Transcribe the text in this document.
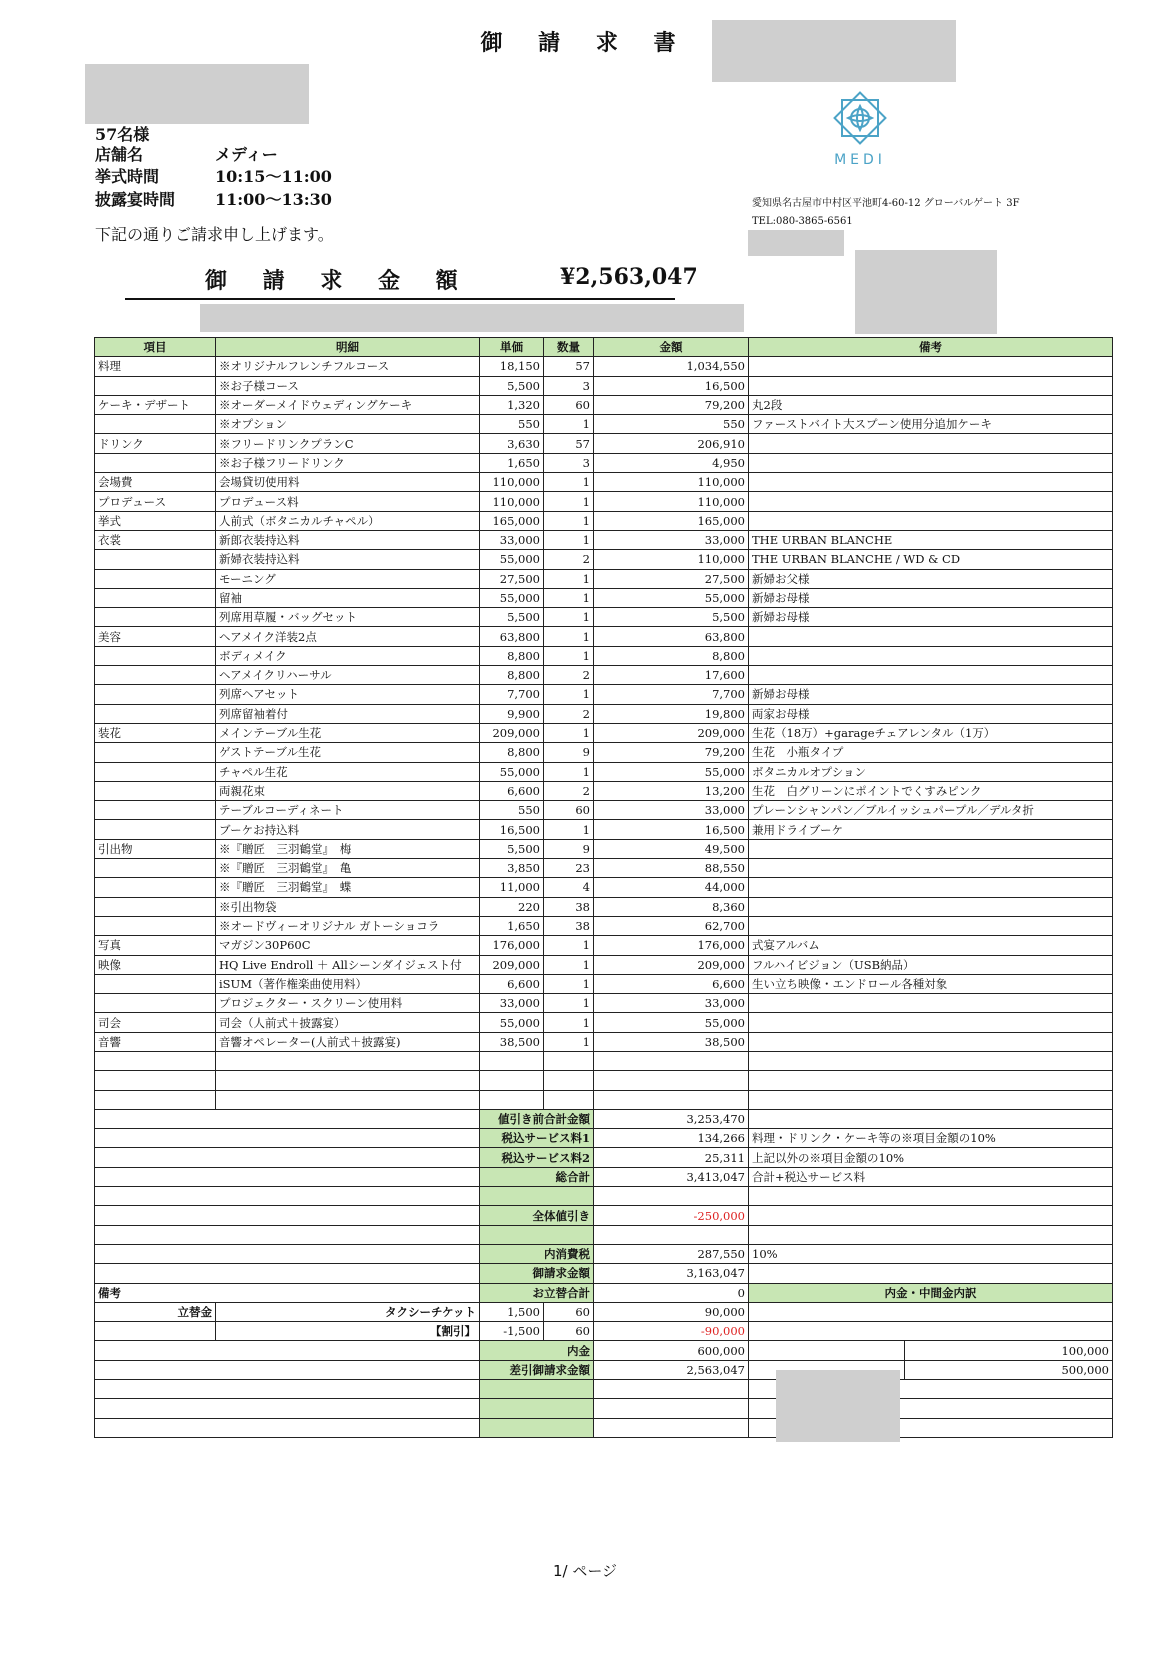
御 請 求 書
57名様
店舗名	メディー
挙式時間	10:15〜11:00
披露宴時間 11:00〜13:30
下記の通りご請求申し上げます。
御 請 求 金 額	¥2,563,047
MEDI
愛知県名古屋市中村区平池町4-60-12 グローバルゲート 3F
TEL:080-3865-6561
項目	明細	単価	数量	金額	備考	
料理	※オリジナルフレンチフルコース	18,150	57	1,034,550		
	※お子様コース	5,500	3	16,500		
ケーキ・デザート	※オーダーメイドウェディングケーキ	1,320	60	79,200	丸2段	
	※オプション	550	1	550	ファーストバイト大スプーン使用分追加ケーキ	
ドリンク	※フリードリンクプランC	3,630	57	206,910		
	※お子様フリードリンク	1,650	3	4,950		
会場費	会場貸切使用料	110,000	1	110,000		
プロデュース	プロデュース料	110,000	1	110,000		
挙式	人前式（ボタニカルチャペル）	165,000	1	165,000		
衣裳	新郎衣装持込料	33,000	1	33,000	THE URBAN BLANCHE	
	新婦衣装持込料	55,000	2	110,000	THE URBAN BLANCHE / WD & CD	
	モーニング	27,500	1	27,500	新婦お父様	
	留袖	55,000	1	55,000	新婦お母様	
	列席用草履・バッグセット	5,500	1	5,500	新婦お母様	
美容	ヘアメイク洋装2点	63,800	1	63,800		
	ボディメイク	8,800	1	8,800		
	ヘアメイクリハーサル	8,800	2	17,600		
	列席ヘアセット	7,700	1	7,700	新婦お母様	
	列席留袖着付	9,900	2	19,800	両家お母様	
装花	メインテーブル生花	209,000	1	209,000	生花（18万）+garageチェアレンタル（1万）	
	ゲストテーブル生花	8,800	9	79,200	生花　小瓶タイプ	
	チャペル生花	55,000	1	55,000	ボタニカルオプション	
	両親花束	6,600	2	13,200	生花　白グリーンにポイントでくすみピンク	
	テーブルコーディネート	550	60	33,000	プレーンシャンパン／ブルイッシュパープル／デルタ折	
	ブーケお持込料	16,500	1	16,500	兼用ドライブーケ	
引出物	※『贈匠　三羽鶴堂』　梅	5,500	9	49,500		
	※『贈匠　三羽鶴堂』　亀	3,850	23	88,550		
	※『贈匠　三羽鶴堂』　蝶	11,000	4	44,000		
	※引出物袋	220	38	8,360		
	※オードヴィーオリジナル ガトーショコラ	1,650	38	62,700		
写真	マガジン30P60C	176,000	1	176,000	式宴アルバム	
映像	HQ Live Endroll ＋ Allシーンダイジェスト付	209,000	1	209,000	フルハイビジョン（USB納品）	
	iSUM（著作権楽曲使用料）	6,600	1	6,600	生い立ち映像・エンドロール各種対象	
	プロジェクター・スクリーン使用料	33,000	1	33,000		
司会	司会（人前式＋披露宴）	55,000	1	55,000		
音響	音響オペレーター(人前式＋披露宴)	38,500	1	38,500		

		値引き前合計金額		3,253,470		
		税込サービス料1		134,266	料理・ドリンク・ケーキ等の※項目金額の10%	
		税込サービス料2		25,311	上記以外の※項目金額の10%	
		総合計		3,413,047	合計+税込サービス料	

		全体値引き		-250,000		

		内消費税		287,550	10%	
		御請求金額		3,163,047		
備考		お立替合計		0	内金・中間金内訳	
立替金	タクシーチケット	1,500	60	90,000		
	【割引】	-1,500	60	-90,000		
		内金		600,000		100,000
		差引御請求金額		2,563,047		500,000

1/ ページ
